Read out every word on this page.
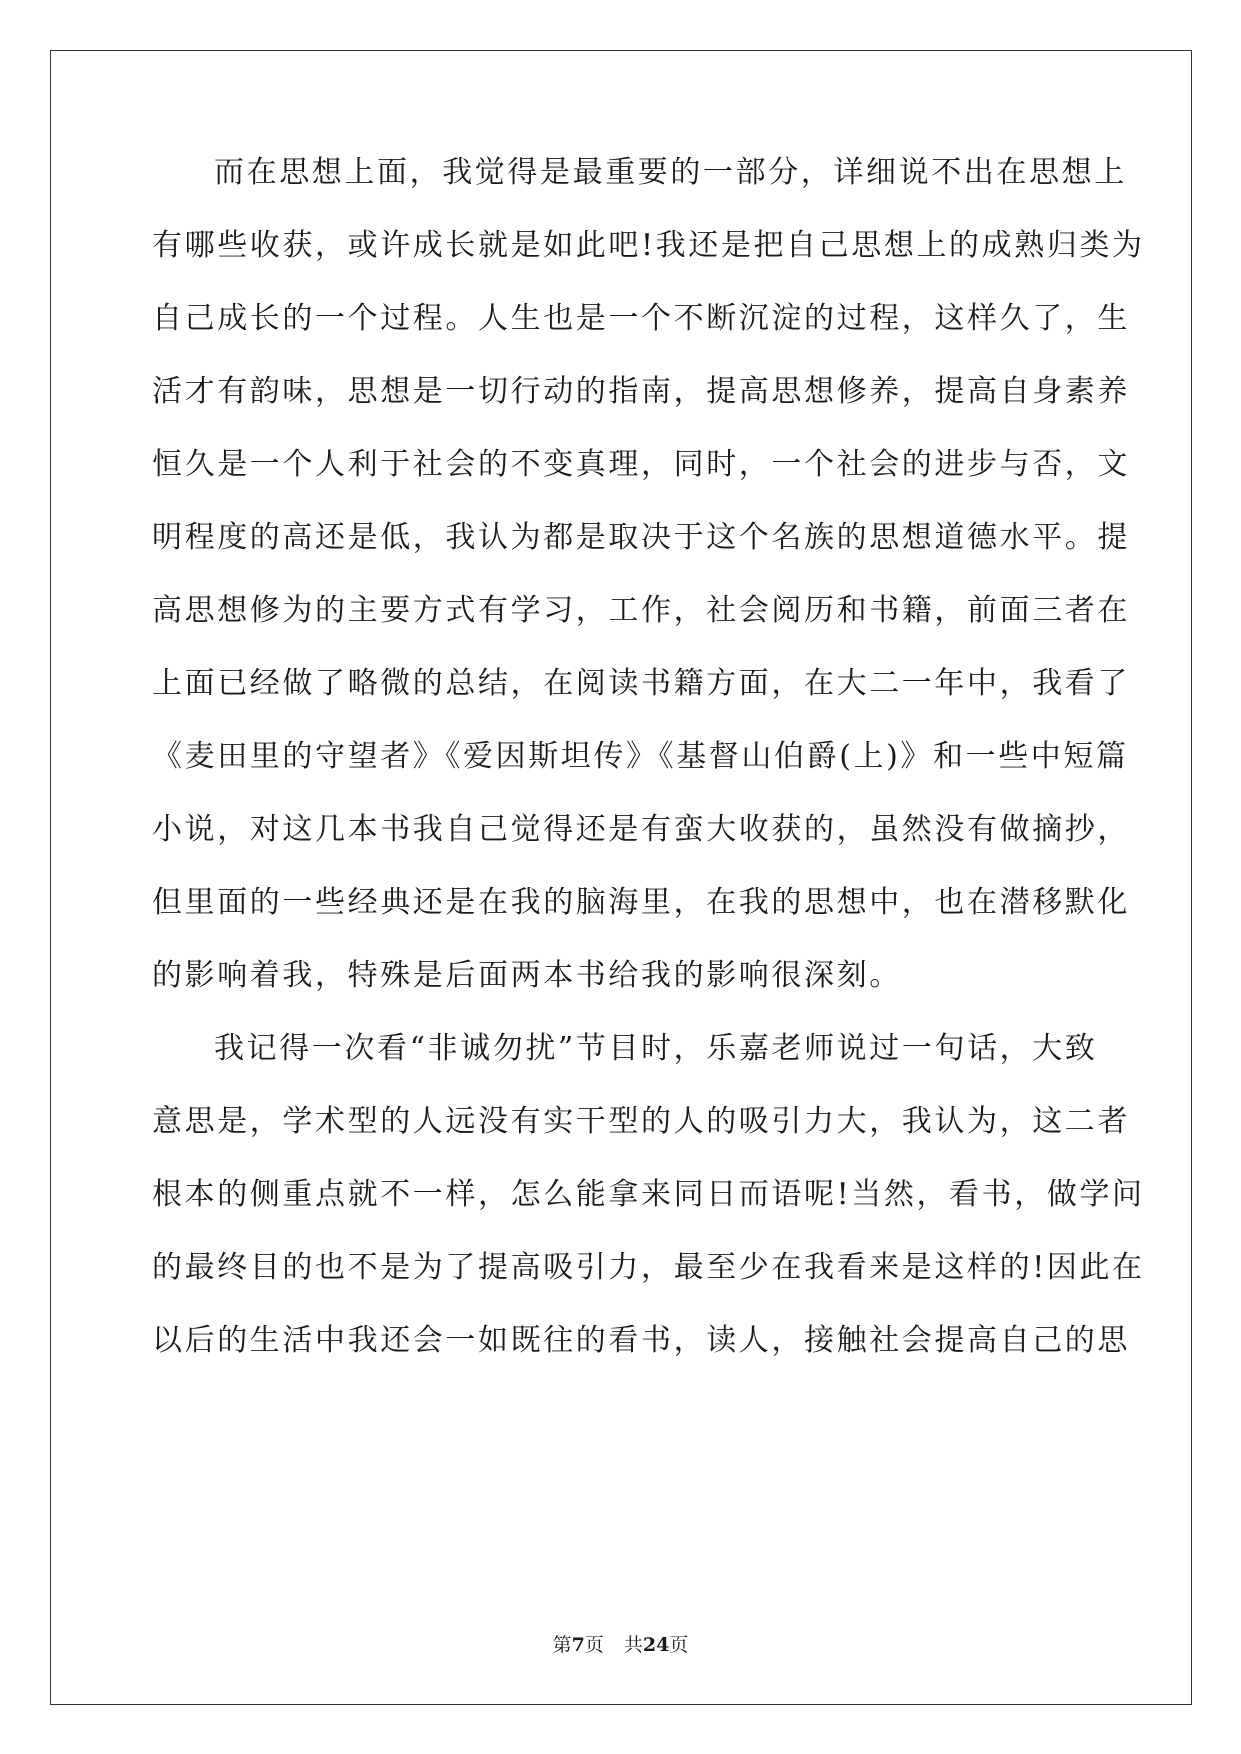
而在思想上面，我觉得是最重要的一部分，详细说不出在思想上
有哪些收获，或许成长就是如此吧!我还是把自己思想上的成熟归类为
自己成长的一个过程。人生也是一个不断沉淀的过程，这样久了，生
活才有韵味，思想是一切行动的指南，提高思想修养，提高自身素养
恒久是一个人利于社会的不变真理，同时，一个社会的进步与否，文
明程度的高还是低，我认为都是取决于这个名族的思想道德水平。提
高思想修为的主要方式有学习，工作，社会阅历和书籍，前面三者在
上面已经做了略微的总结，在阅读书籍方面，在大二一年中，我看了
《麦田里的守望者》《爱因斯坦传》《基督山伯爵(上)》和一些中短篇
小说，对这几本书我自己觉得还是有蛮大收获的，虽然没有做摘抄，
但里面的一些经典还是在我的脑海里，在我的思想中，也在潜移默化
的影响着我，特殊是后面两本书给我的影响很深刻。
我记得一次看“非诚勿扰”节目时，乐嘉老师说过一句话，大致
意思是，学术型的人远没有实干型的人的吸引力大，我认为，这二者
根本的侧重点就不一样，怎么能拿来同日而语呢!当然，看书，做学问
的最终目的也不是为了提高吸引力，最至少在我看来是这样的!因此在
以后的生活中我还会一如既往的看书，读人，接触社会提高自己的思
第7页 共24页
